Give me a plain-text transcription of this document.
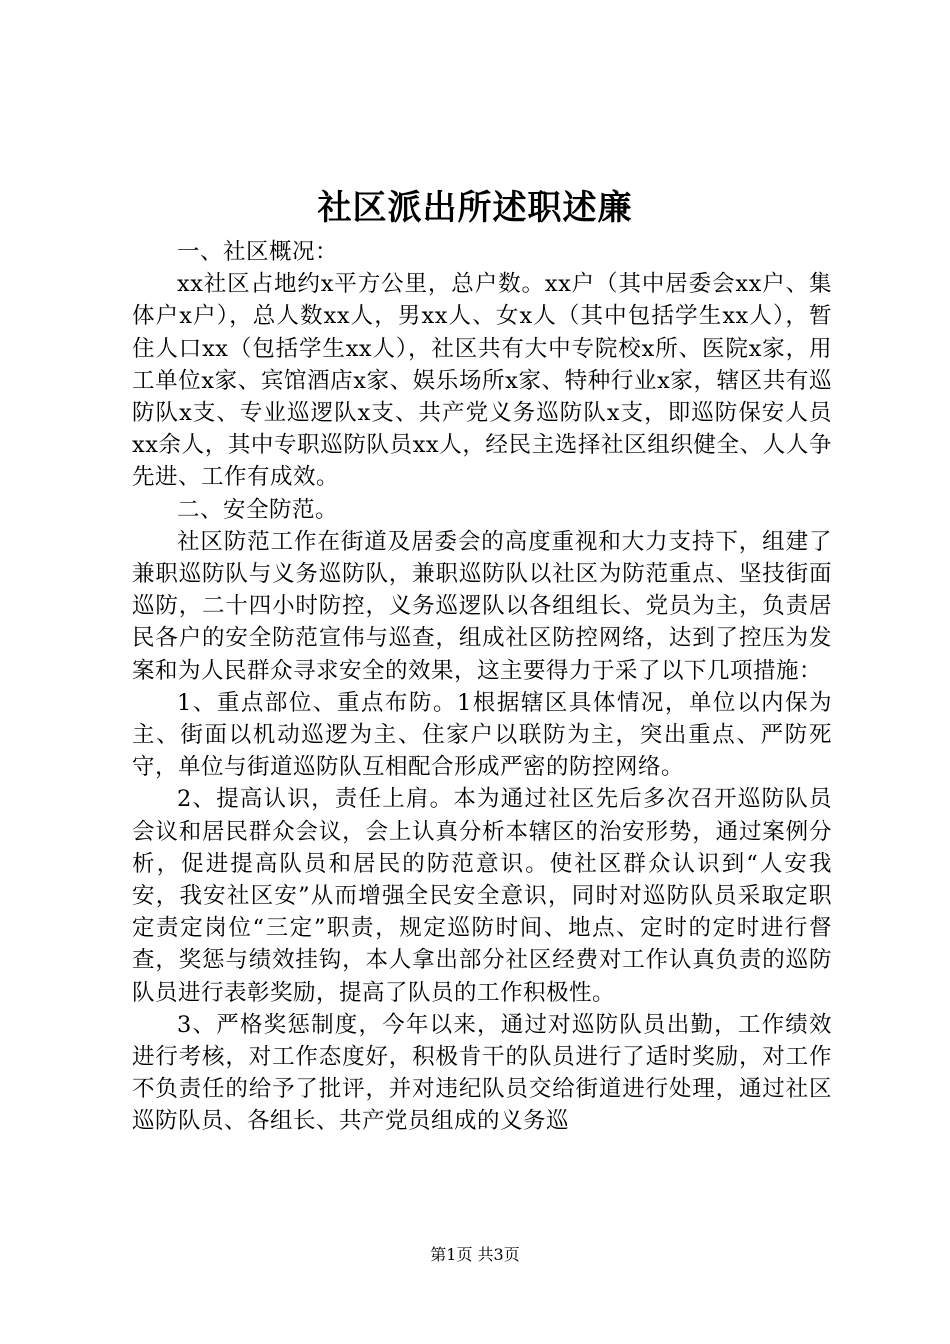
社区派出所述职述廉

一、社区概况：

xx社区占地约x平方公里，总户数。xx户（其中居委会xx户、集体户x户），总人数xx人，男xx人、女x人（其中包括学生xx人），暂住人口xx（包括学生xx人），社区共有大中专院校x所、医院x家，用工单位x家、宾馆酒店x家、娱乐场所x家、特种行业x家，辖区共有巡防队x支、专业巡逻队x支、共产党义务巡防队x支，即巡防保安人员xx余人，其中专职巡防队员xx人，经民主选择社区组织健全、人人争先进、工作有成效。

二、安全防范。

社区防范工作在街道及居委会的高度重视和大力支持下，组建了兼职巡防队与义务巡防队，兼职巡防队以社区为防范重点、坚技街面巡防，二十四小时防控，义务巡逻队以各组组长、党员为主，负责居民各户的安全防范宣伟与巡查，组成社区防控网络，达到了控压为发案和为人民群众寻求安全的效果，这主要得力于采了以下几项措施：

1、重点部位、重点布防。1根据辖区具体情况，单位以内保为主、街面以机动巡逻为主、住家户以联防为主，突出重点、严防死守，单位与街道巡防队互相配合形成严密的防控网络。

2、提高认识，责任上肩。本为通过社区先后多次召开巡防队员会议和居民群众会议，会上认真分析本辖区的治安形势，通过案例分析，促进提高队员和居民的防范意识。使社区群众认识到“人安我安，我安社区安”从而增强全民安全意识，同时对巡防队员采取定职定责定岗位“三定”职责，规定巡防时间、地点、定时的定时进行督查，奖惩与绩效挂钩，本人拿出部分社区经费对工作认真负责的巡防队员进行表彰奖励，提高了队员的工作积极性。

3、严格奖惩制度，今年以来，通过对巡防队员出勤，工作绩效进行考核，对工作态度好，积极肯干的队员进行了适时奖励，对工作不负责任的给予了批评，并对违纪队员交给街道进行处理，通过社区巡防队员、各组长、共产党员组成的义务巡

第1页 共3页
